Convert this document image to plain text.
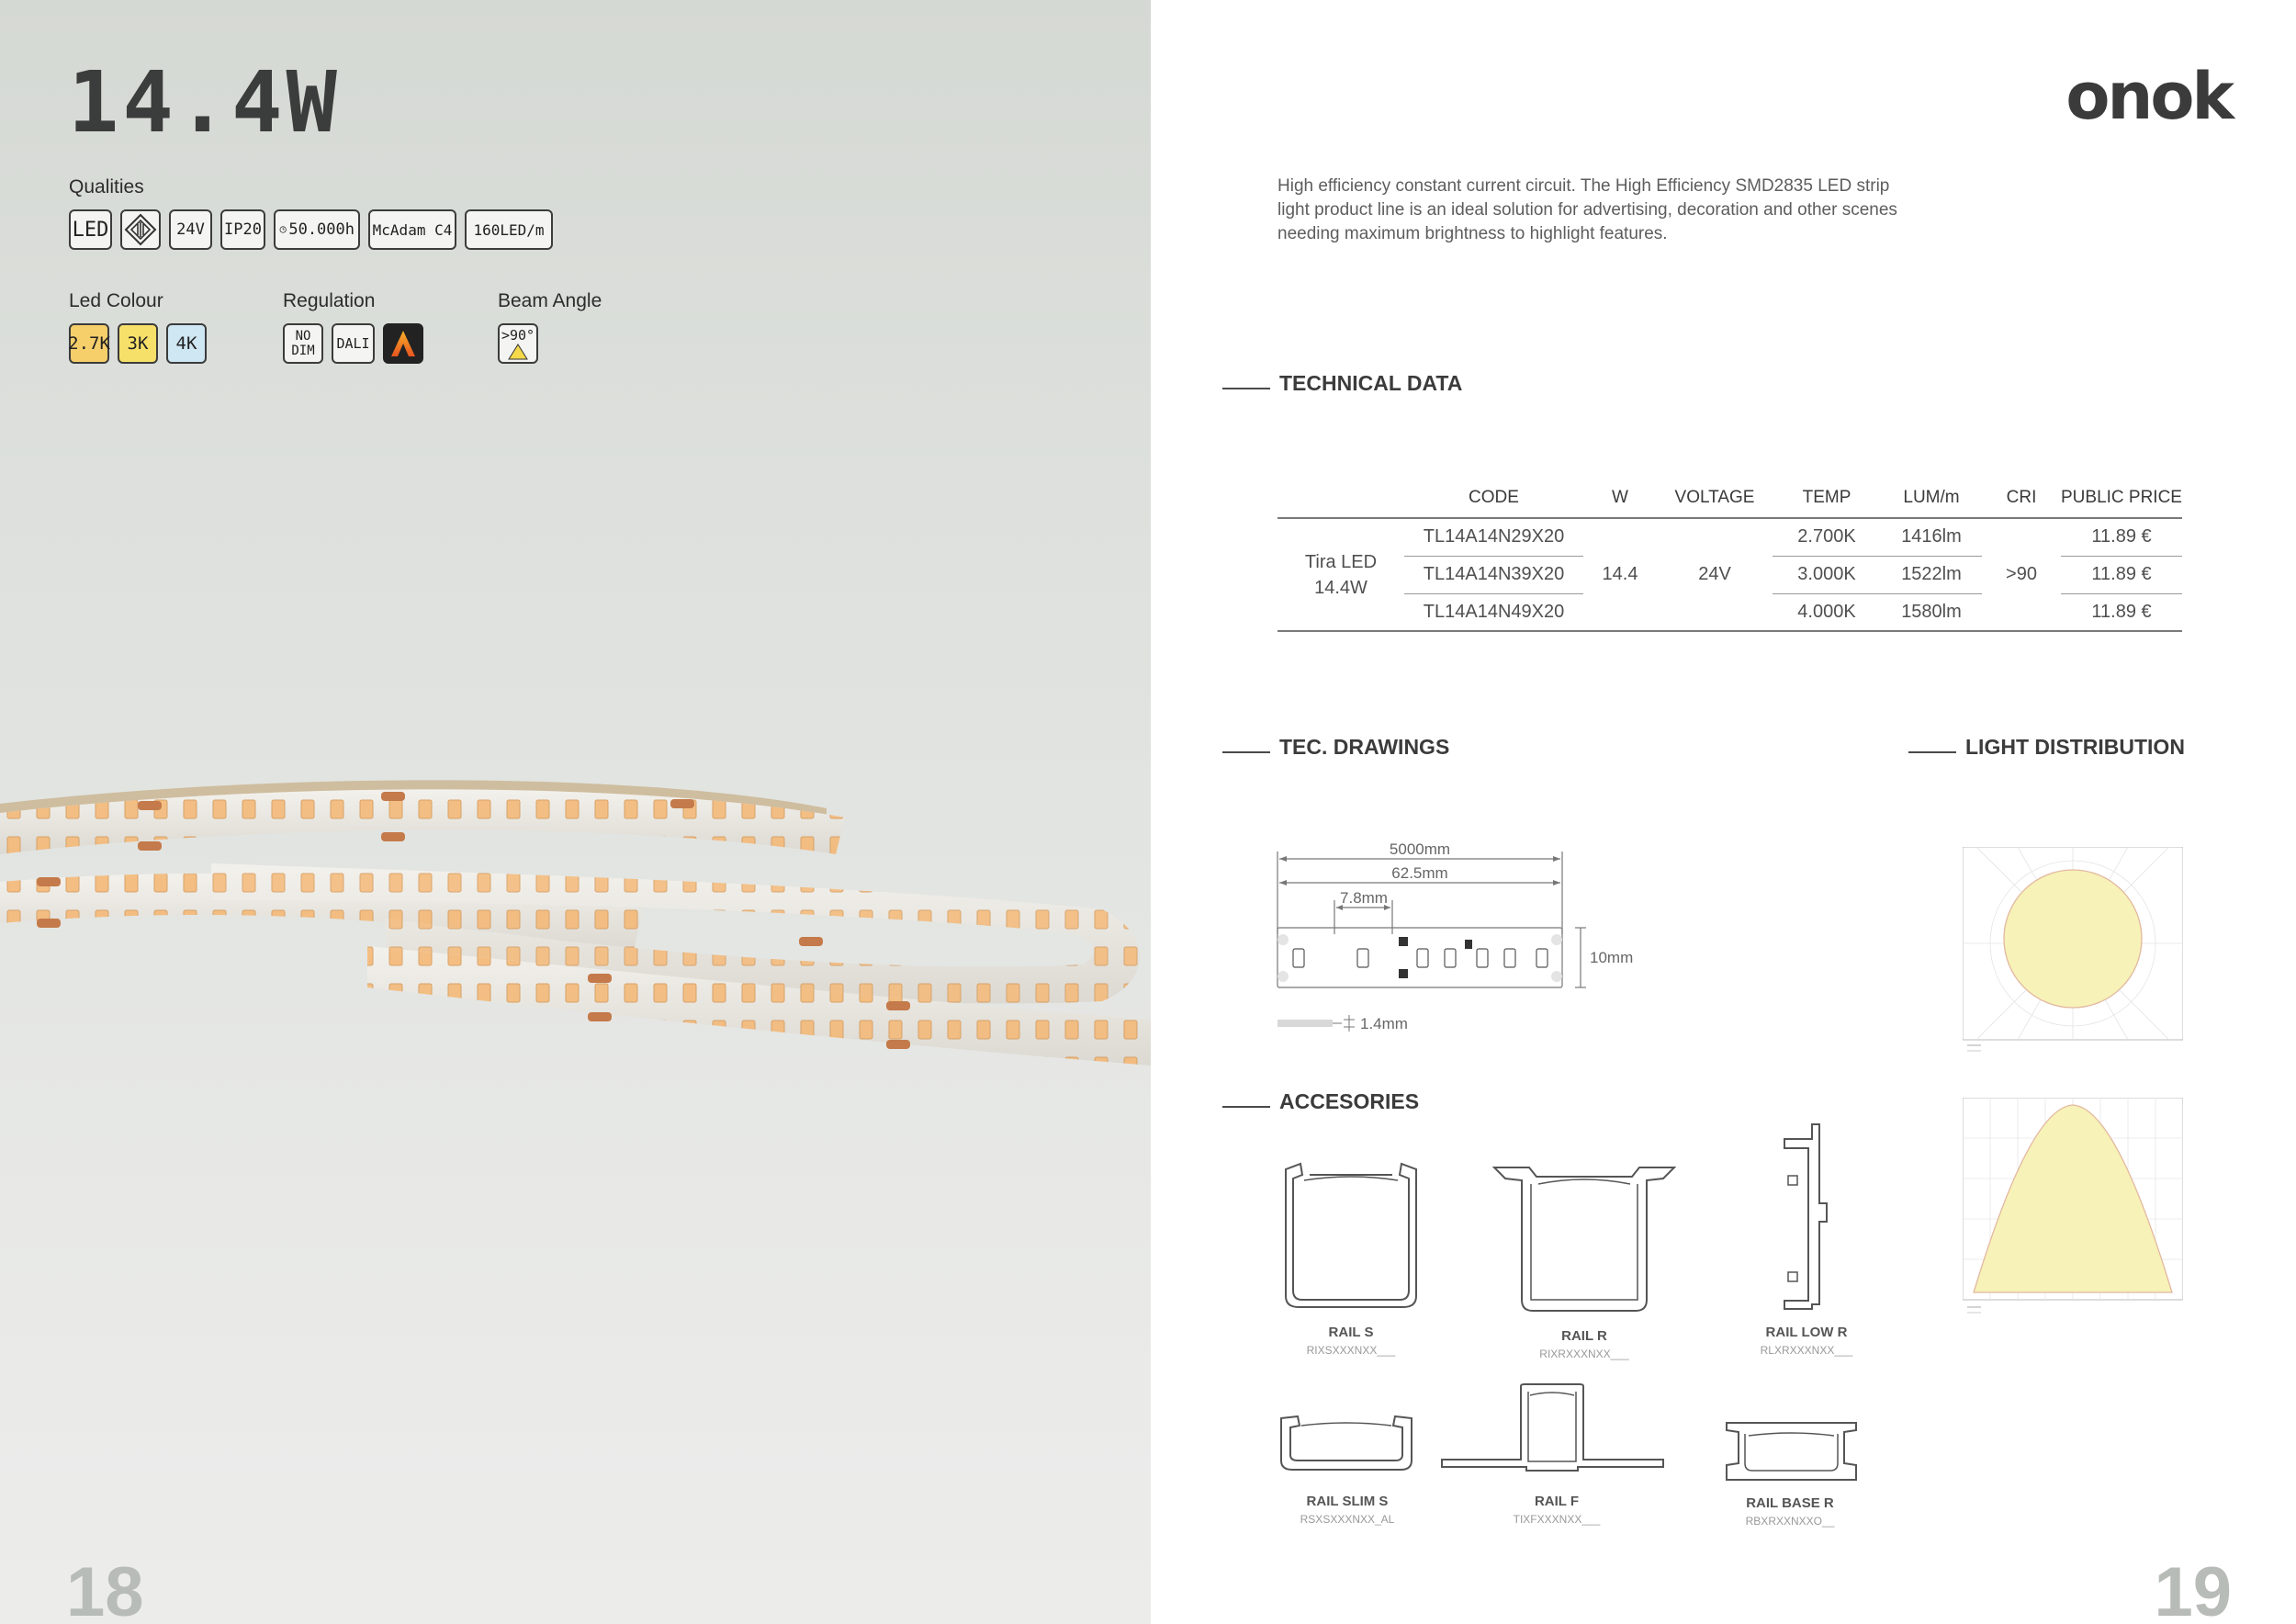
14.4W
Qualities
LED	24V	IP20 50.000h McAdam C4	160LED/m
Led Colour
2.7K 3K	4K
Regulation
NO
DIM	DALI
Beam Angle
>90°
18
onok
High efficiency constant current circuit. The High Efficiency SMD2835 LED strip light product line is an ideal solution for advertising, decoration and other scenes needing maximum brightness to highlight features.
TECHNICAL DATA
	CODE	W	VOLTAGE	TEMP	LUM/m	CRI	PUBLIC PRICE
Tira LED 14.4W	TL14A14N29X20	14.4	24V	2.700K	1416lm	>90	11.89 €
	TL14A14N39X20			3.000K	1522lm		11.89 €
	TL14A14N49X20			4.000K	1580lm		11.89 €
TEC. DRAWINGS	LIGHT DISTRIBUTION
5000mm
62.5mm
7.8mm
10mm
1.4mm
ACCESORIES
RAIL S
RIXSXXXNXX___
RAIL R
RIXRXXXNXX___
RAIL LOW R
RLXRXXXNXX___
RAIL SLIM S
RSXSXXXNXX_AL
RAIL F
TIXFXXXNXX___
RAIL BASE R
RBXRXXNXXO__
19
